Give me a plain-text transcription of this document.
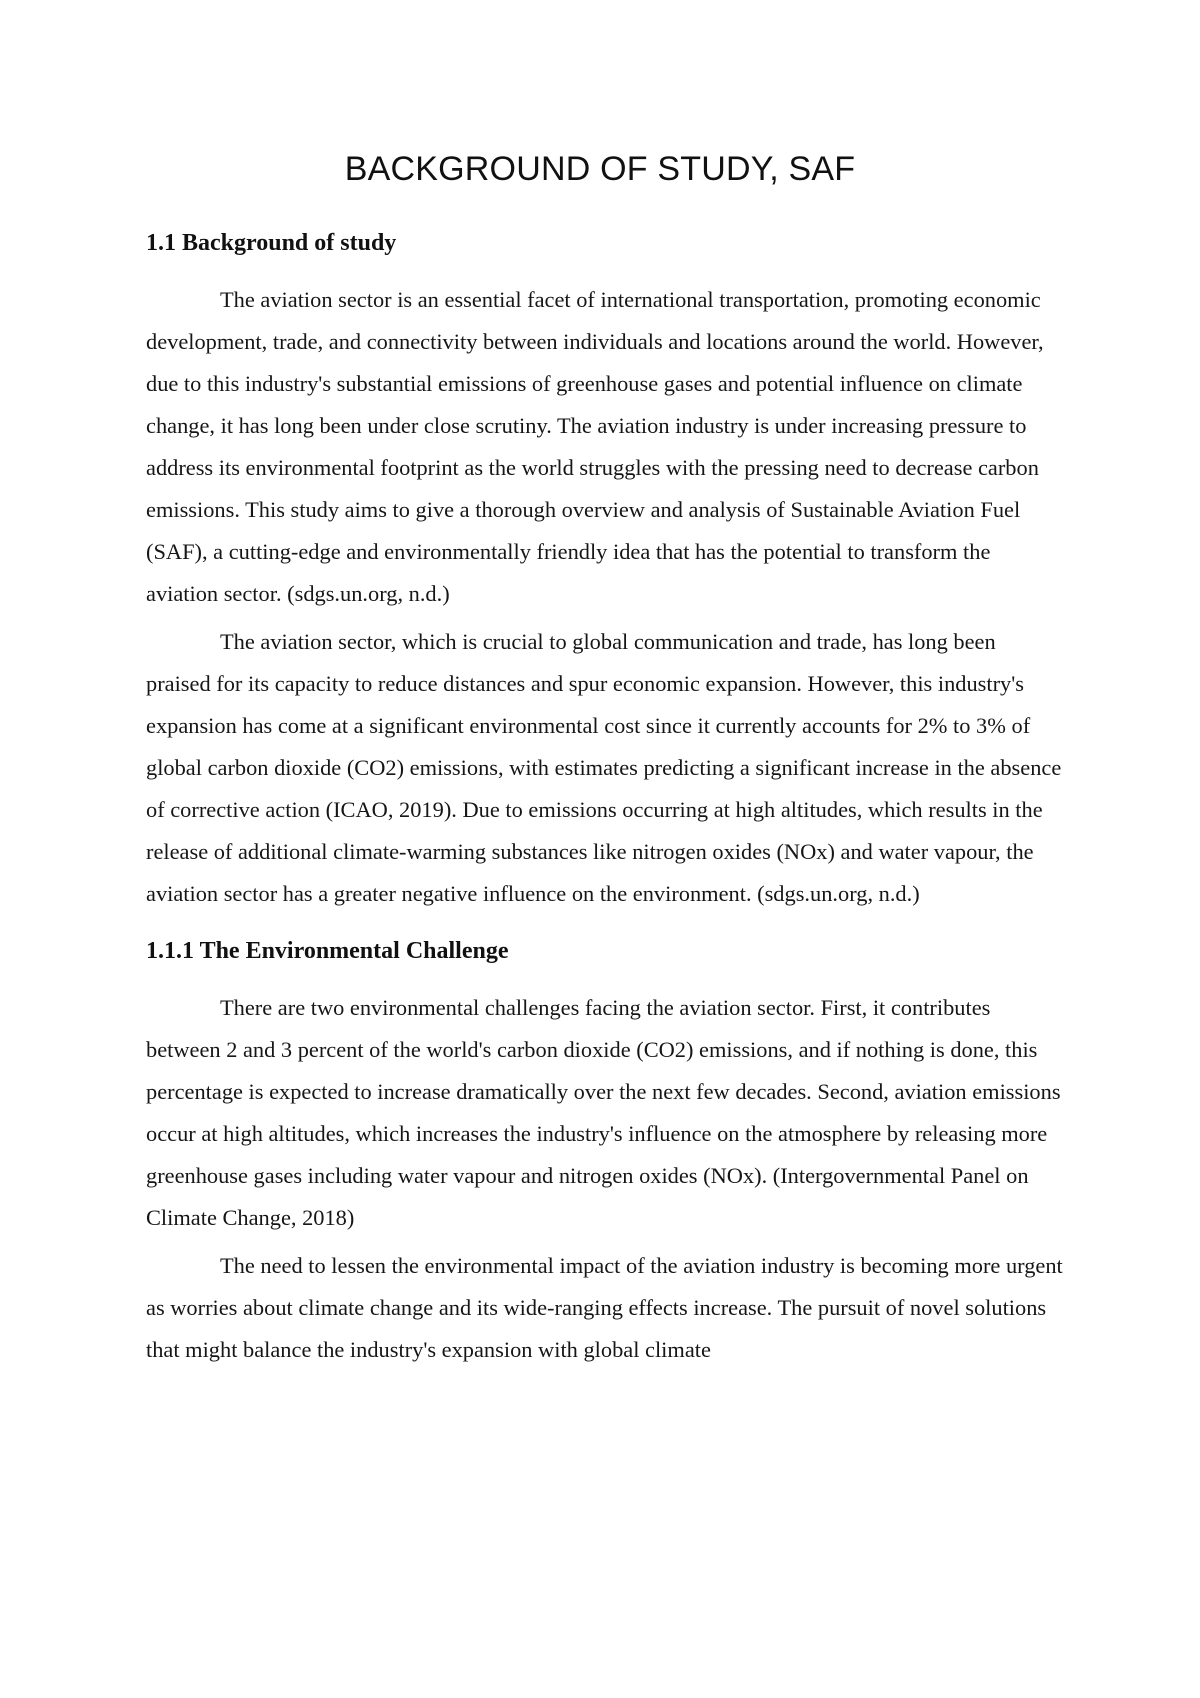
BACKGROUND OF STUDY, SAF
1.1 Background of study

The aviation sector is an essential facet of international transportation, promoting economic development, trade, and connectivity between individuals and locations around the world. However, due to this industry's substantial emissions of greenhouse gases and potential influence on climate change, it has long been under close scrutiny. The aviation industry is under increasing pressure to address its environmental footprint as the world struggles with the pressing need to decrease carbon emissions. This study aims to give a thorough overview and analysis of Sustainable Aviation Fuel (SAF), a cutting-edge and environmentally friendly idea that has the potential to transform the aviation sector. (sdgs.un.org, n.d.)

The aviation sector, which is crucial to global communication and trade, has long been praised for its capacity to reduce distances and spur economic expansion. However, this industry's expansion has come at a significant environmental cost since it currently accounts for 2% to 3% of global carbon dioxide (CO2) emissions, with estimates predicting a significant increase in the absence of corrective action (ICAO, 2019). Due to emissions occurring at high altitudes, which results in the release of additional climate-warming substances like nitrogen oxides (NOx) and water vapour, the aviation sector has a greater negative influence on the environment. (sdgs.un.org, n.d.)

1.1.1 The Environmental Challenge

There are two environmental challenges facing the aviation sector. First, it contributes between 2 and 3 percent of the world's carbon dioxide (CO2) emissions, and if nothing is done, this percentage is expected to increase dramatically over the next few decades. Second, aviation emissions occur at high altitudes, which increases the industry's influence on the atmosphere by releasing more greenhouse gases including water vapour and nitrogen oxides (NOx). (Intergovernmental Panel on Climate Change, 2018)

The need to lessen the environmental impact of the aviation industry is becoming more urgent as worries about climate change and its wide-ranging effects increase. The pursuit of novel solutions that might balance the industry's expansion with global climate
